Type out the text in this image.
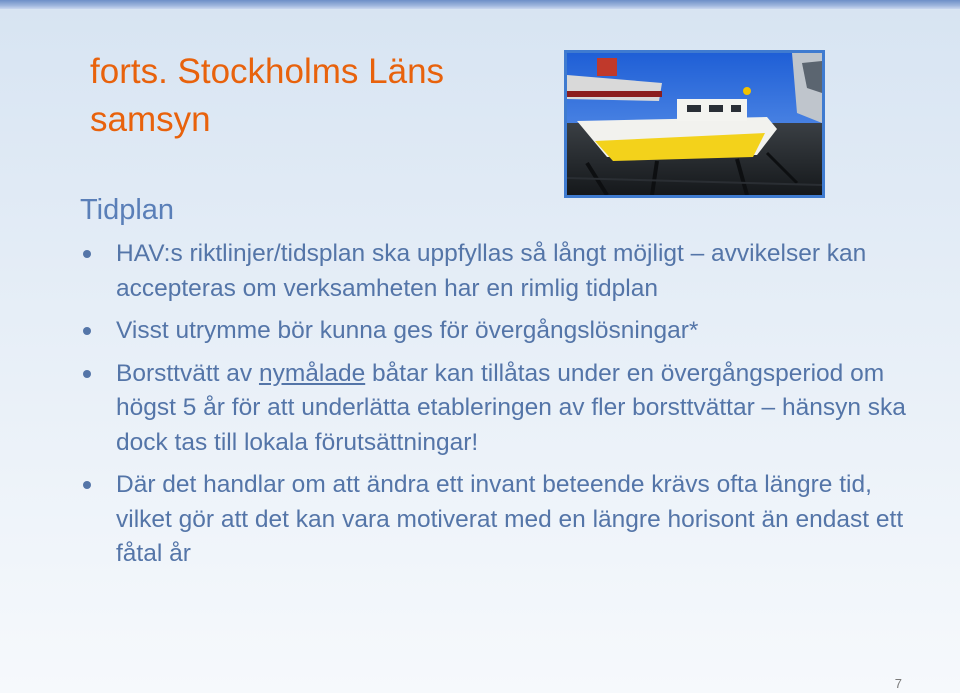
forts. Stockholms Läns samsyn
Tidplan
HAV:s riktlinjer/tidsplan ska uppfyllas så långt möjligt – avvikelser kan accepteras om verksamheten har en rimlig tidplan
Visst utrymme bör kunna ges för övergångslösningar*
Borsttvätt av nymålade båtar kan tillåtas under en övergångsperiod om högst 5 år för att underlätta etableringen av fler borsttvättar – hänsyn ska dock tas till lokala förutsättningar!
Där det handlar om att ändra ett invant beteende krävs ofta längre tid, vilket gör att det kan vara motiverat med en längre horisont än endast ett fåtal år
7
